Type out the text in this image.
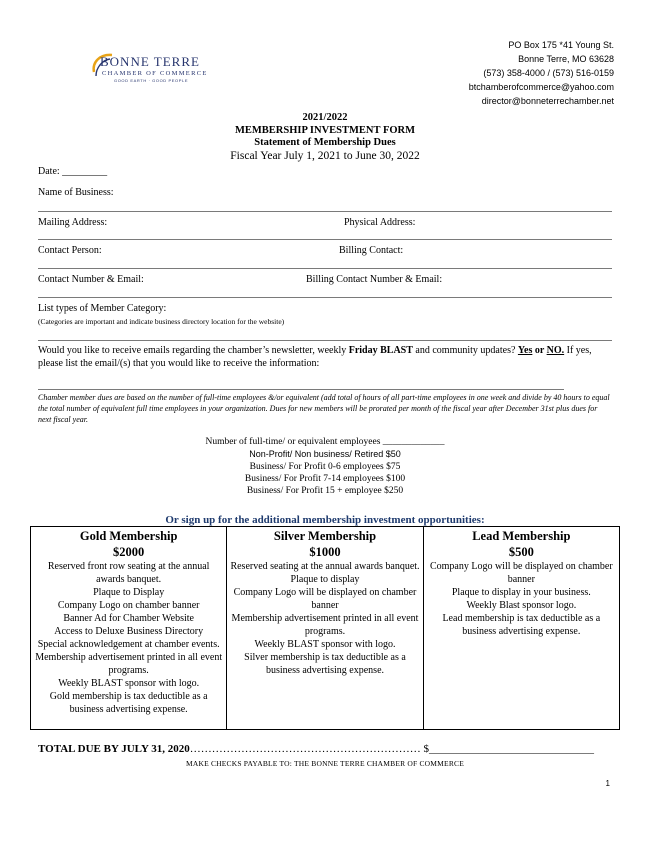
BONNE TERRE
CHAMBER OF COMMERCE
GOOD EARTH · GOOD PEOPLE
PO Box 175 *41 Young St.
Bonne Terre, MO 63628
(573) 358-4000 / (573) 516-0159
btchamberofcommerce@yahoo.com
director@bonneterrechamber.net
2021/2022
MEMBERSHIP INVESTMENT FORM
Statement of Membership Dues
Fiscal Year July 1, 2021 to June 30, 2022
Date: _________
Name of Business:
Mailing Address:	Physical Address:
Contact Person:	Billing Contact:
Contact Number & Email:	Billing Contact Number & Email:
List types of Member Category:
(Categories are important and indicate business directory location for the website)
Would you like to receive emails regarding the chamber’s newsletter, weekly Friday BLAST and community updates? Yes or NO. If yes, please list the email/(s) that you would like to receive the information:
Chamber member dues are based on the number of full-time employees &/or equivalent (add total of hours of all part-time employees in one week and divide by 40 hours to equal the total number of equivalent full time employees in your organization. Dues for new members will be prorated per month of the fiscal year after December 31st plus dues for next fiscal year.
Number of full-time/ or equivalent employees _____________
Non-Profit/ Non business/ Retired $50
Business/ For Profit 0-6 employees $75
Business/ For Profit 7-14 employees $100
Business/ For Profit 15 + employee $250
Or sign up for the additional membership investment opportunities:
Gold Membership
$2000
Reserved front row seating at the annual awards banquet.
Plaque to Display
Company Logo on chamber banner
Banner Ad for Chamber Website
Access to Deluxe Business Directory
Special acknowledgement at chamber events.
Membership advertisement printed in all event programs.
Weekly BLAST sponsor with logo.
Gold membership is tax deductible as a business advertising expense.

Silver Membership
$1000
Reserved seating at the annual awards banquet.
Plaque to display
Company Logo will be displayed on chamber banner
Membership advertisement printed in all event programs.
Weekly BLAST sponsor with logo.
Silver membership is tax deductible as a business advertising expense.

Lead Membership
$500
Company Logo will be displayed on chamber banner
Plaque to display in your business.
Weekly Blast sponsor logo.
Lead membership is tax deductible as a business advertising expense.
TOTAL DUE BY JULY 31, 2020……………………………………………………… $______________________________
MAKE CHECKS PAYABLE TO: THE BONNE TERRE CHAMBER OF COMMERCE
1
